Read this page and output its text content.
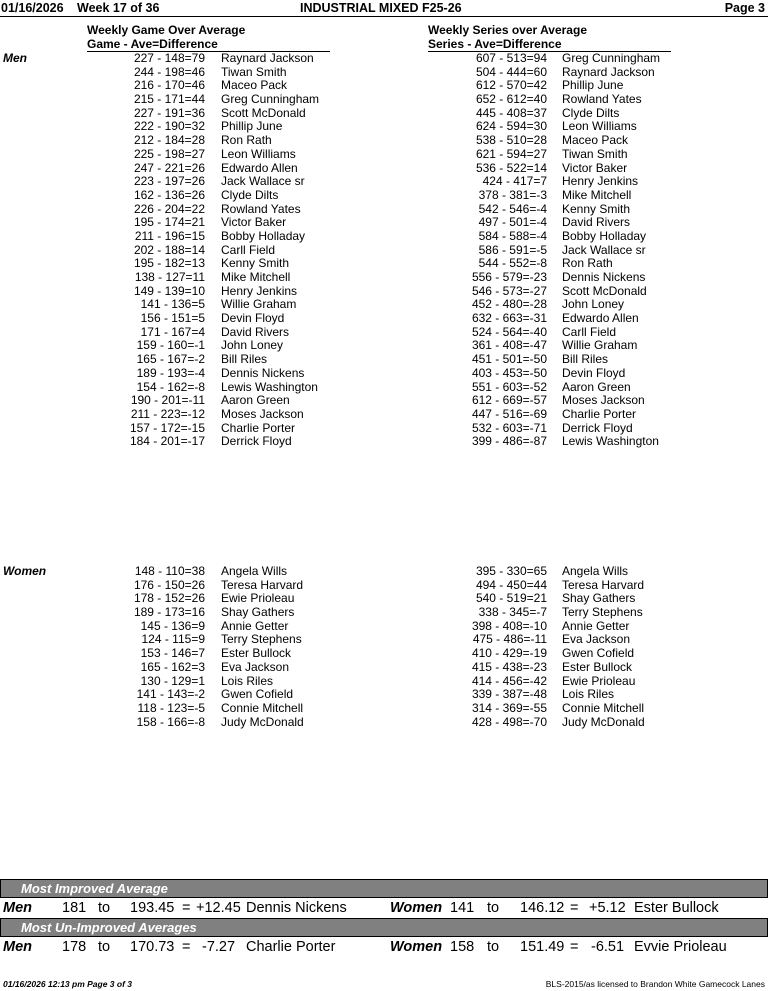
01/16/2026 Week 17 of 36	INDUSTRIAL MIXED F25-26	Page 3
Weekly Game Over Average
Game - Ave=Difference
Weekly Series over Average
Series - Ave=Difference
Men	227 - 148=79 Raynard Jackson
244 - 198=46 Tiwan Smith
216 - 170=46 Maceo Pack
215 - 171=44 Greg Cunningham
227 - 191=36 Scott McDonald
222 - 190=32 Phillip June
212 - 184=28 Ron Rath
225 - 198=27 Leon Williams
247 - 221=26 Edwardo Allen
223 - 197=26 Jack Wallace sr
162 - 136=26 Clyde Dilts
226 - 204=22 Rowland Yates
195 - 174=21 Victor Baker
211 - 196=15 Bobby Holladay
202 - 188=14 Carll Field
195 - 182=13 Kenny Smith
138 - 127=11 Mike Mitchell
149 - 139=10 Henry Jenkins
141 - 136=5 Willie Graham
156 - 151=5 Devin Floyd
171 - 167=4 David Rivers
159 - 160=-1 John Loney
165 - 167=-2 Bill Riles
189 - 193=-4 Dennis Nickens
154 - 162=-8 Lewis Washington
190 - 201=-11 Aaron Green
211 - 223=-12 Moses Jackson
157 - 172=-15 Charlie Porter
184 - 201=-17 Derrick Floyd
607 - 513=94 Greg Cunningham
504 - 444=60 Raynard Jackson
612 - 570=42 Phillip June
652 - 612=40 Rowland Yates
445 - 408=37 Clyde Dilts
624 - 594=30 Leon Williams
538 - 510=28 Maceo Pack
621 - 594=27 Tiwan Smith
536 - 522=14 Victor Baker
424 - 417=7 Henry Jenkins
378 - 381=-3 Mike Mitchell
542 - 546=-4 Kenny Smith
497 - 501=-4 David Rivers
584 - 588=-4 Bobby Holladay
586 - 591=-5 Jack Wallace sr
544 - 552=-8 Ron Rath
556 - 579=-23 Dennis Nickens
546 - 573=-27 Scott McDonald
452 - 480=-28 John Loney
632 - 663=-31 Edwardo Allen
524 - 564=-40 Carll Field
361 - 408=-47 Willie Graham
451 - 501=-50 Bill Riles
403 - 453=-50 Devin Floyd
551 - 603=-52 Aaron Green
612 - 669=-57 Moses Jackson
447 - 516=-69 Charlie Porter
532 - 603=-71 Derrick Floyd
399 - 486=-87 Lewis Washington
Women	148 - 110=38 Angela Wills
176 - 150=26 Teresa Harvard
178 - 152=26 Ewie Prioleau
189 - 173=16 Shay Gathers
145 - 136=9 Annie Getter
124 - 115=9 Terry Stephens
153 - 146=7 Ester Bullock
165 - 162=3 Eva Jackson
130 - 129=1 Lois Riles
141 - 143=-2 Gwen Cofield
118 - 123=-5 Connie Mitchell
158 - 166=-8 Judy McDonald
395 - 330=65 Angela Wills
494 - 450=44 Teresa Harvard
540 - 519=21 Shay Gathers
338 - 345=-7 Terry Stephens
398 - 408=-10 Annie Getter
475 - 486=-11 Eva Jackson
410 - 429=-19 Gwen Cofield
415 - 438=-23 Ester Bullock
414 - 456=-42 Ewie Prioleau
339 - 387=-48 Lois Riles
314 - 369=-55 Connie Mitchell
428 - 498=-70 Judy McDonald
Most Improved Average
Men 181 to 193.45 = +12.45 Dennis Nickens	Women 141 to 146.12 = +5.12 Ester Bullock
Most Un-Improved Averages
Men 178 to 170.73 = -7.27 Charlie Porter	Women 158 to 151.49 = -6.51 Evvie Prioleau
01/16/2026 12:13 pm Page 3 of 3	BLS-2015/as licensed to Brandon White Gamecock Lanes
